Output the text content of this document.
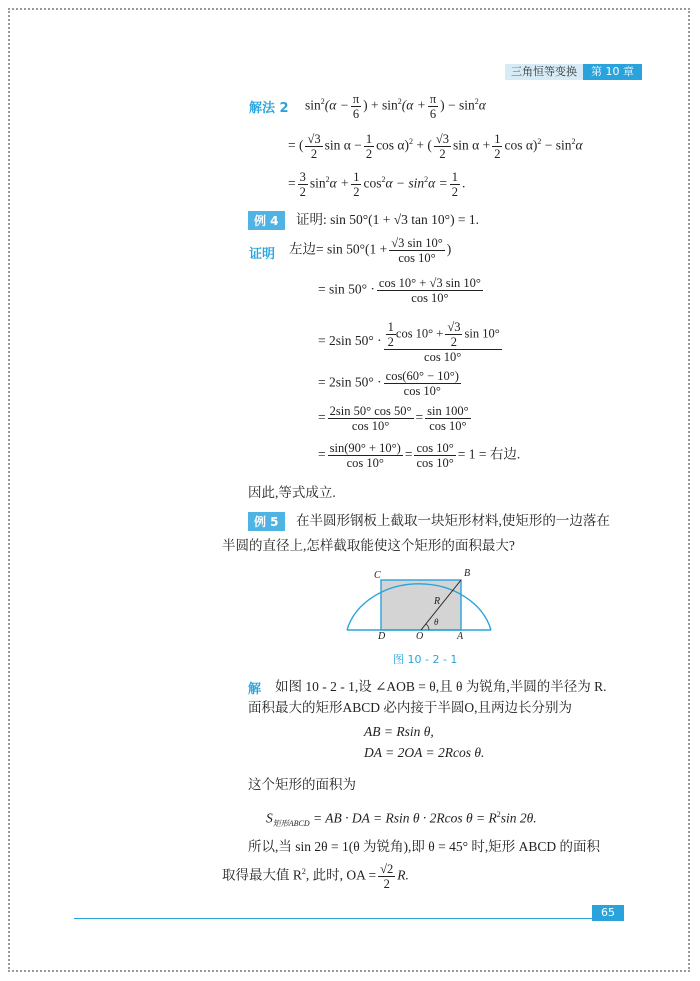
三角恒等变换	第 10 章
解法 2 $\sin^2(\alpha - \frac{\pi}{6}$ ) + $\sin^2(\alpha + \frac{\pi}{6}$ ) − $\sin^2\alpha$
= ( $\frac{√3}{2}$ $\sin \alpha - \frac{1}{2}$ cos α)$^2$ + ( $\frac{√3}{2}$ $\sin \alpha + \frac{1}{2}$ $\cos \alpha)^2 - \sin^2\alpha$
= $\frac{3}{2} \sin^2\alpha + \frac{1}{2} \cos^2\alpha - \sin^2\alpha = \frac{1}{2}$ .
例 4	证明: sin 50°(1 + √3 tan 10°) = 1.
证明 左边= $\sin 50^\circ(1 + \frac{√3 \sin 10^\circ}{\cos 10^\circ}$ )
= $\sin 50^\circ \cdot \frac{\cos 10^\circ + √3 \sin 10^\circ}{\cos 10^\circ}$
= 2sin $50^\circ \cdot \frac{\frac{1}{2} \cos 10^\circ + \frac{√3}{2} \sin 10^\circ}{\cos 10^\circ}$
= 2sin $50^\circ \cdot \frac{\cos(60^\circ - 10^\circ)}{\cos 10^\circ}$
= $\frac{2\sin 50^\circ \cos 50^\circ}{\cos 10^\circ} = \frac{\sin 100^\circ}{\cos 10^\circ}$
= $\frac{\sin(90^\circ + 10^\circ)}{\cos 10^\circ} = \frac{\cos 10^\circ}{\cos 10^\circ} = 1$ = 右边.
因此,等式成立.
例 5	在半圆形钢板上截取一块矩形材料,使矩形的一边落在
半圆的直径上,怎样截取能使这个矩形的面积最大?
C	B
D	O	A
R
θ
图 10 - 2 - 1
解 如图 10 - 2 - 1,设 ∠AOB = θ,且 θ 为锐角,半圆的半径为 R.
面积最大的矩形ABCD 必内接于半圆O,且两边长分别为
AB = Rsin θ,
DA = 2OA = 2Rcos θ.
这个矩形的面积为
$S_{矩形ABCD}$ = AB · DA = Rsin θ · 2Rcos $\theta = R^2\sin$ 2θ.
所以,当 sin 2θ = 1(θ 为锐角),即 θ = 45° 时,矩形 ABCD 的面积
取得最大值 $R^2$, 此时, OA = $\frac{√2}{2} R$.
65
